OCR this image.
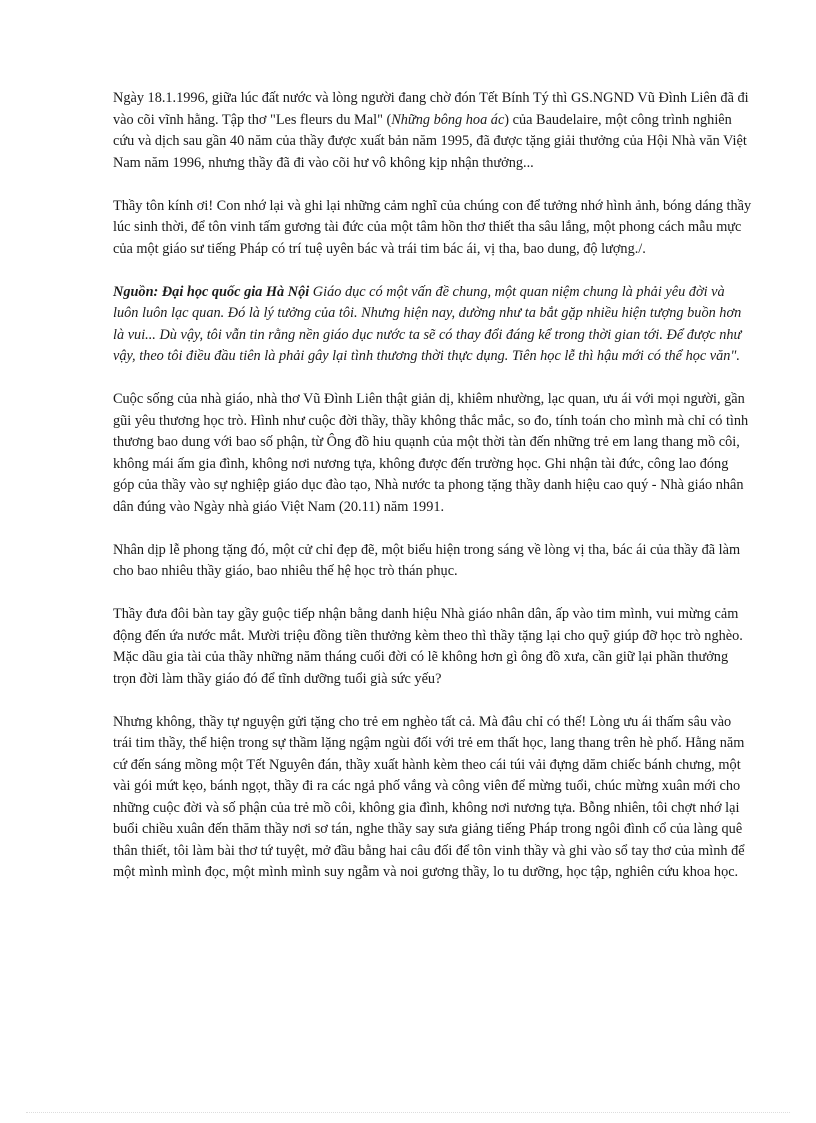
Ngày 18.1.1996, giữa lúc đất nước và lòng người đang chờ đón Tết Bính Tý thì GS.NGND Vũ Đình Liên đã đi vào cõi vĩnh hằng. Tập thơ "Les fleurs du Mal" (Những bông hoa ác) của Baudelaire, một công trình nghiên cứu và dịch sau gần 40 năm của thầy được xuất bản năm 1995, đã được tặng giải thưởng của Hội Nhà văn Việt Nam năm 1996, nhưng thầy đã đi vào cõi hư vô không kịp nhận thưởng...

Thầy tôn kính ơi! Con nhớ lại và ghi lại những cảm nghĩ của chúng con để tưởng nhớ hình ảnh, bóng dáng thầy lúc sinh thời, để tôn vinh tấm gương tài đức của một tâm hồn thơ thiết tha sâu lắng, một phong cách mẫu mực của một giáo sư tiếng Pháp có trí tuệ uyên bác và trái tim bác ái, vị tha, bao dung, độ lượng./.

Nguồn: Đại học quốc gia Hà Nội Giáo dục có một vấn đề chung, một quan niệm chung là phải yêu đời và luôn luôn lạc quan. Đó là lý tưởng của tôi. Nhưng hiện nay, dường như ta bắt gặp nhiều hiện tượng buồn hơn là vui... Dù vậy, tôi vẫn tin rằng nền giáo dục nước ta sẽ có thay đổi đáng kể trong thời gian tới. Để được như vậy, theo tôi điều đầu tiên là phải gây lại tình thương thời thực dụng. Tiên học lễ thì hậu mới có thể học văn".

Cuộc sống của nhà giáo, nhà thơ Vũ Đình Liên thật giản dị, khiêm nhường, lạc quan, ưu ái với mọi người, gần gũi yêu thương học trò. Hình như cuộc đời thầy, thầy không thắc mắc, so đo, tính toán cho mình mà chỉ có tình thương bao dung với bao số phận, từ Ông đồ hiu quạnh của một thời tàn đến những trẻ em lang thang mồ côi, không mái ấm gia đình, không nơi nương tựa, không được đến trường học. Ghi nhận tài đức, công lao đóng góp của thầy vào sự nghiệp giáo dục đào tạo, Nhà nước ta phong tặng thầy danh hiệu cao quý - Nhà giáo nhân dân đúng vào Ngày nhà giáo Việt Nam (20.11) năm 1991.

Nhân dịp lễ phong tặng đó, một cử chỉ đẹp đẽ, một biểu hiện trong sáng về lòng vị tha, bác ái của thầy đã làm cho bao nhiêu thầy giáo, bao nhiêu thế hệ học trò thán phục.

Thầy đưa đôi bàn tay gầy guộc tiếp nhận bằng danh hiệu Nhà giáo nhân dân, ấp vào tim mình, vui mừng cảm động đến ứa nước mắt. Mười triệu đồng tiền thưởng kèm theo thì thầy tặng lại cho quỹ giúp đỡ học trò nghèo. Mặc dầu gia tài của thầy những năm tháng cuối đời có lẽ không hơn gì ông đồ xưa, cần giữ lại phần thưởng trọn đời làm thầy giáo đó để tĩnh dưỡng tuổi già sức yếu?

Nhưng không, thầy tự nguyện gửi tặng cho trẻ em nghèo tất cả. Mà đâu chỉ có thế! Lòng ưu ái thấm sâu vào trái tim thầy, thể hiện trong sự thầm lặng ngậm ngùi đối với trẻ em thất học, lang thang trên hè phố. Hằng năm cứ đến sáng mồng một Tết Nguyên đán, thầy xuất hành kèm theo cái túi vải đựng dăm chiếc bánh chưng, một vài gói mứt kẹo, bánh ngọt, thầy đi ra các ngả phố vắng và công viên để mừng tuổi, chúc mừng xuân mới cho những cuộc đời và số phận của trẻ mồ côi, không gia đình, không nơi nương tựa. Bỗng nhiên, tôi chợt nhớ lại buổi chiều xuân đến thăm thầy nơi sơ tán, nghe thầy say sưa giảng tiếng Pháp trong ngôi đình cổ của làng quê thân thiết, tôi làm bài thơ tứ tuyệt, mở đầu bằng hai câu đối để tôn vinh thầy và ghi vào sổ tay thơ của mình để một mình mình đọc, một mình mình suy ngẫm và noi gương thầy, lo tu dưỡng, học tập, nghiên cứu khoa học.
